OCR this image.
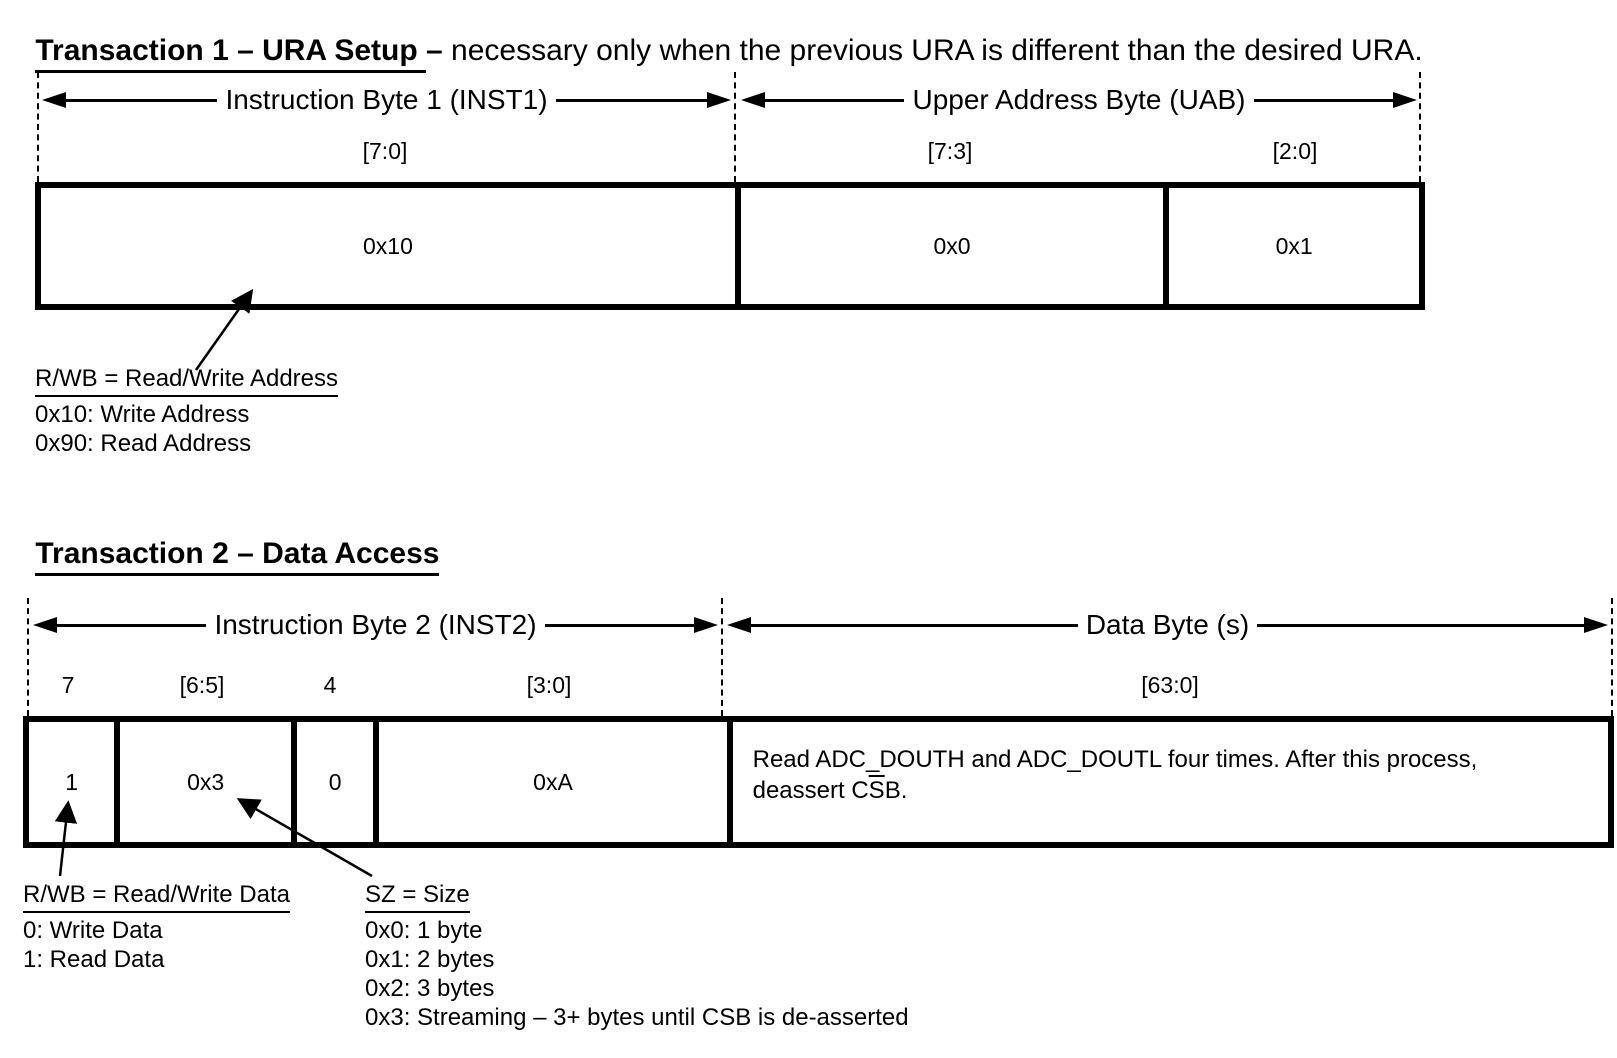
Transaction 1 – URA Setup – necessary only when the previous URA is different than the desired URA.

Instruction Byte 1 (INST1)	Upper Address Byte (UAB)
[7:0]	[7:3]	[2:0]
0x10	0x0	0x1
R/WB = Read/Write Address
0x10: Write Address
0x90: Read Address

Transaction 2 – Data Access

Instruction Byte 2 (INST2)	Data Byte (s)
7	[6:5]	4	[3:0]	[63:0]
1	0x3	0	0xA
Read ADC_DOUTH and ADC_DOUTL four times. After this process,
deassert $C\overline{S}B$.
R/WB = Read/Write Data
0: Write Data
1: Read Data
SZ = Size
0x0: 1 byte
0x1: 2 bytes
0x2: 3 bytes
0x3: Streaming – 3+ bytes until CSB is de-asserted
